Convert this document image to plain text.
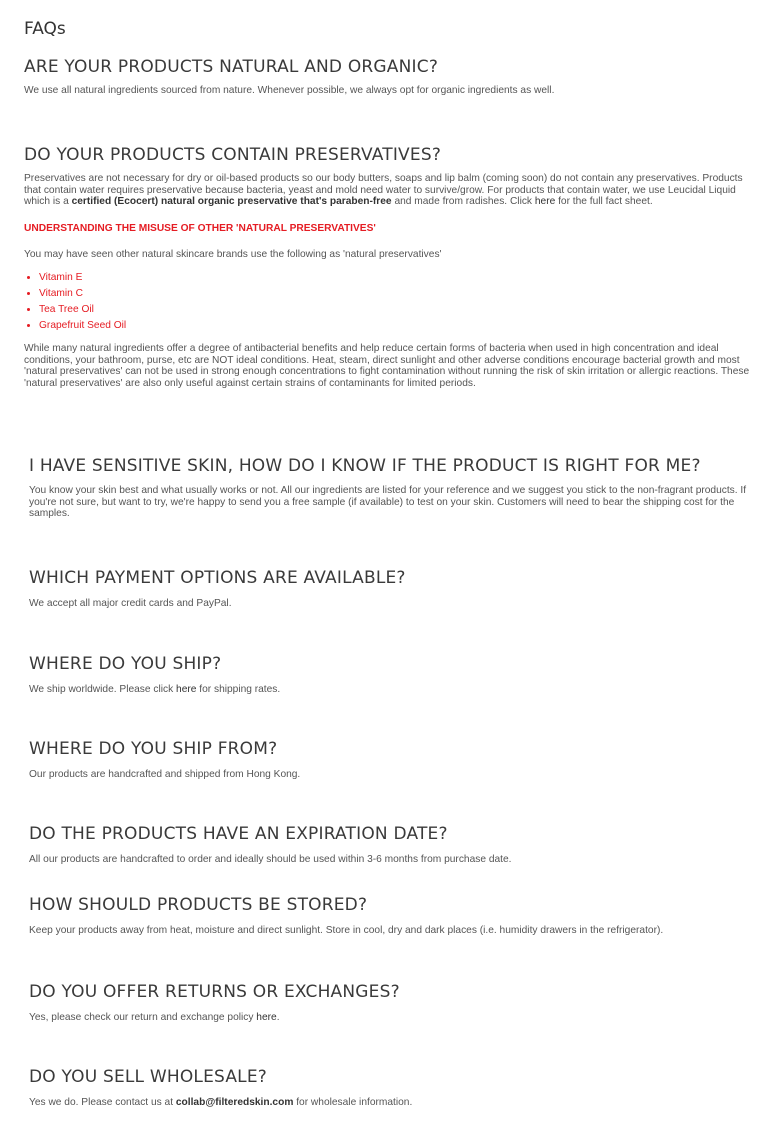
FAQs
ARE YOUR PRODUCTS NATURAL AND ORGANIC?

We use all natural ingredients sourced from nature. Whenever possible, we always opt for organic ingredients as well.

DO YOUR PRODUCTS CONTAIN PRESERVATIVES?

Preservatives are not necessary for dry or oil-based products so our body butters, soaps and lip balm (coming soon) do not contain any preservatives. Products that contain water requires preservative because bacteria, yeast and mold need water to survive/grow. For products that contain water, we use Leucidal Liquid which is a certified (Ecocert) natural organic preservative that's paraben-free and made from radishes. Click here for the full fact sheet.

UNDERSTANDING THE MISUSE OF OTHER 'NATURAL PRESERVATIVES'

You may have seen other natural skincare brands use the following as 'natural preservatives'

• Vitamin E
• Vitamin C
• Tea Tree Oil
• Grapefruit Seed Oil

While many natural ingredients offer a degree of antibacterial benefits and help reduce certain forms of bacteria when used in high concentration and ideal conditions, your bathroom, purse, etc are NOT ideal conditions. Heat, steam, direct sunlight and other adverse conditions encourage bacterial growth and most 'natural preservatives' can not be used in strong enough concentrations to fight contamination without running the risk of skin irritation or allergic reactions. These 'natural preservatives' are also only useful against certain strains of contaminants for limited periods.

I HAVE SENSITIVE SKIN, HOW DO I KNOW IF THE PRODUCT IS RIGHT FOR ME?

You know your skin best and what usually works or not. All our ingredients are listed for your reference and we suggest you stick to the non-fragrant products. If you're not sure, but want to try, we're happy to send you a free sample (if available) to test on your skin. Customers will need to bear the shipping cost for the samples.

WHICH PAYMENT OPTIONS ARE AVAILABLE?

We accept all major credit cards and PayPal.

WHERE DO YOU SHIP?

We ship worldwide. Please click here for shipping rates.

WHERE DO YOU SHIP FROM?

Our products are handcrafted and shipped from Hong Kong.

DO THE PRODUCTS HAVE AN EXPIRATION DATE?

All our products are handcrafted to order and ideally should be used within 3-6 months from purchase date.

HOW SHOULD PRODUCTS BE STORED?

Keep your products away from heat, moisture and direct sunlight. Store in cool, dry and dark places (i.e. humidity drawers in the refrigerator).

DO YOU OFFER RETURNS OR EXCHANGES?

Yes, please check our return and exchange policy here.

DO YOU SELL WHOLESALE?

Yes we do. Please contact us at collab@filteredskin.com for wholesale information.
